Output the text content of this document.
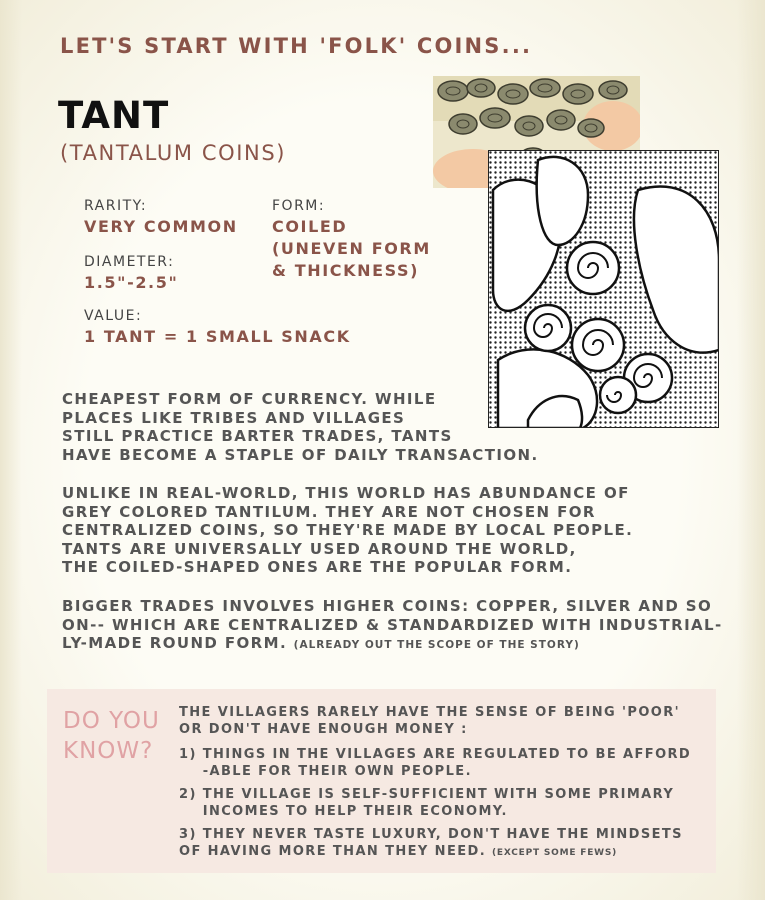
LET'S START WITH 'FOLK' COINS...
TANT
(TANTALUM COINS)
RARITY:
VERY COMMON
FORM:
COILED
(UNEVEN FORM
& THICKNESS)
DIAMETER:
1.5"-2.5"
VALUE:
1 TANT = 1 SMALL SNACK
CHEAPEST FORM OF CURRENCY. WHILE
PLACES LIKE TRIBES AND VILLAGES
STILL PRACTICE BARTER TRADES, TANTS
HAVE BECOME A STAPLE OF DAILY TRANSACTION.
UNLIKE IN REAL-WORLD, THIS WORLD HAS ABUNDANCE OF
GREY COLORED TANTILUM. THEY ARE NOT CHOSEN FOR
CENTRALIZED COINS, SO THEY'RE MADE BY LOCAL PEOPLE.
TANTS ARE UNIVERSALLY USED AROUND THE WORLD,
THE COILED-SHAPED ONES ARE THE POPULAR FORM.
BIGGER TRADES INVOLVES HIGHER COINS: COPPER, SILVER AND SO
ON-- WHICH ARE CENTRALIZED & STANDARDIZED WITH INDUSTRIAL-
LY-MADE ROUND FORM. (ALREADY OUT THE SCOPE OF THE STORY)
DO YOU
KNOW?
THE VILLAGERS RARELY HAVE THE SENSE OF BEING 'POOR'
OR DON'T HAVE ENOUGH MONEY :
1) THINGS IN THE VILLAGES ARE REGULATED TO BE AFFORD
-ABLE FOR THEIR OWN PEOPLE.
2) THE VILLAGE IS SELF-SUFFICIENT WITH SOME PRIMARY
INCOMES TO HELP THEIR ECONOMY.
3) THEY NEVER TASTE LUXURY, DON'T HAVE THE MINDSETS
OF HAVING MORE THAN THEY NEED. (EXCEPT SOME FEWS)
